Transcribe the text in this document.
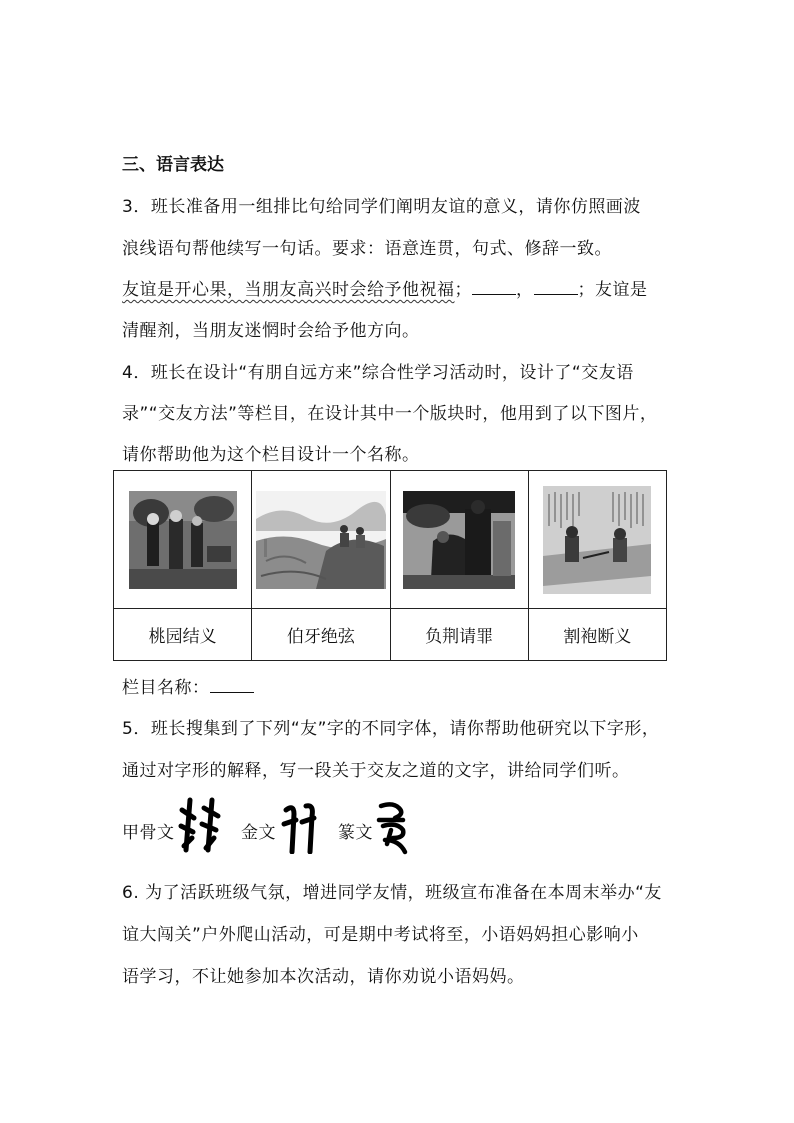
三、语言表达
3．班长准备用一组排比句给同学们阐明友谊的意义，请你仿照画波
浪线语句帮他续写一句话。要求：语意连贯，句式、修辞一致。
友谊是开心果，当朋友高兴时会给予他祝福；	，	；友谊是
清醒剂，当朋友迷惘时会给予他方向。
4．班长在设计“有朋自远方来”综合性学习活动时，设计了“交友语
录”“交友方法”等栏目，在设计其中一个版块时，他用到了以下图片，
请你帮助他为这个栏目设计一个名称。

桃园结义	伯牙绝弦	负荆请罪	割袍断义
栏目名称：
5．班长搜集到了下列“友”字的不同字体，请你帮助他研究以下字形，
通过对字形的解释，写一段关于交友之道的文字，讲给同学们听。
甲骨文	金文	篆文
6. 为了活跃班级气氛，增进同学友情，班级宣布准备在本周末举办“友
谊大闯关”户外爬山活动，可是期中考试将至，小语妈妈担心影响小
语学习，不让她参加本次活动，请你劝说小语妈妈。
